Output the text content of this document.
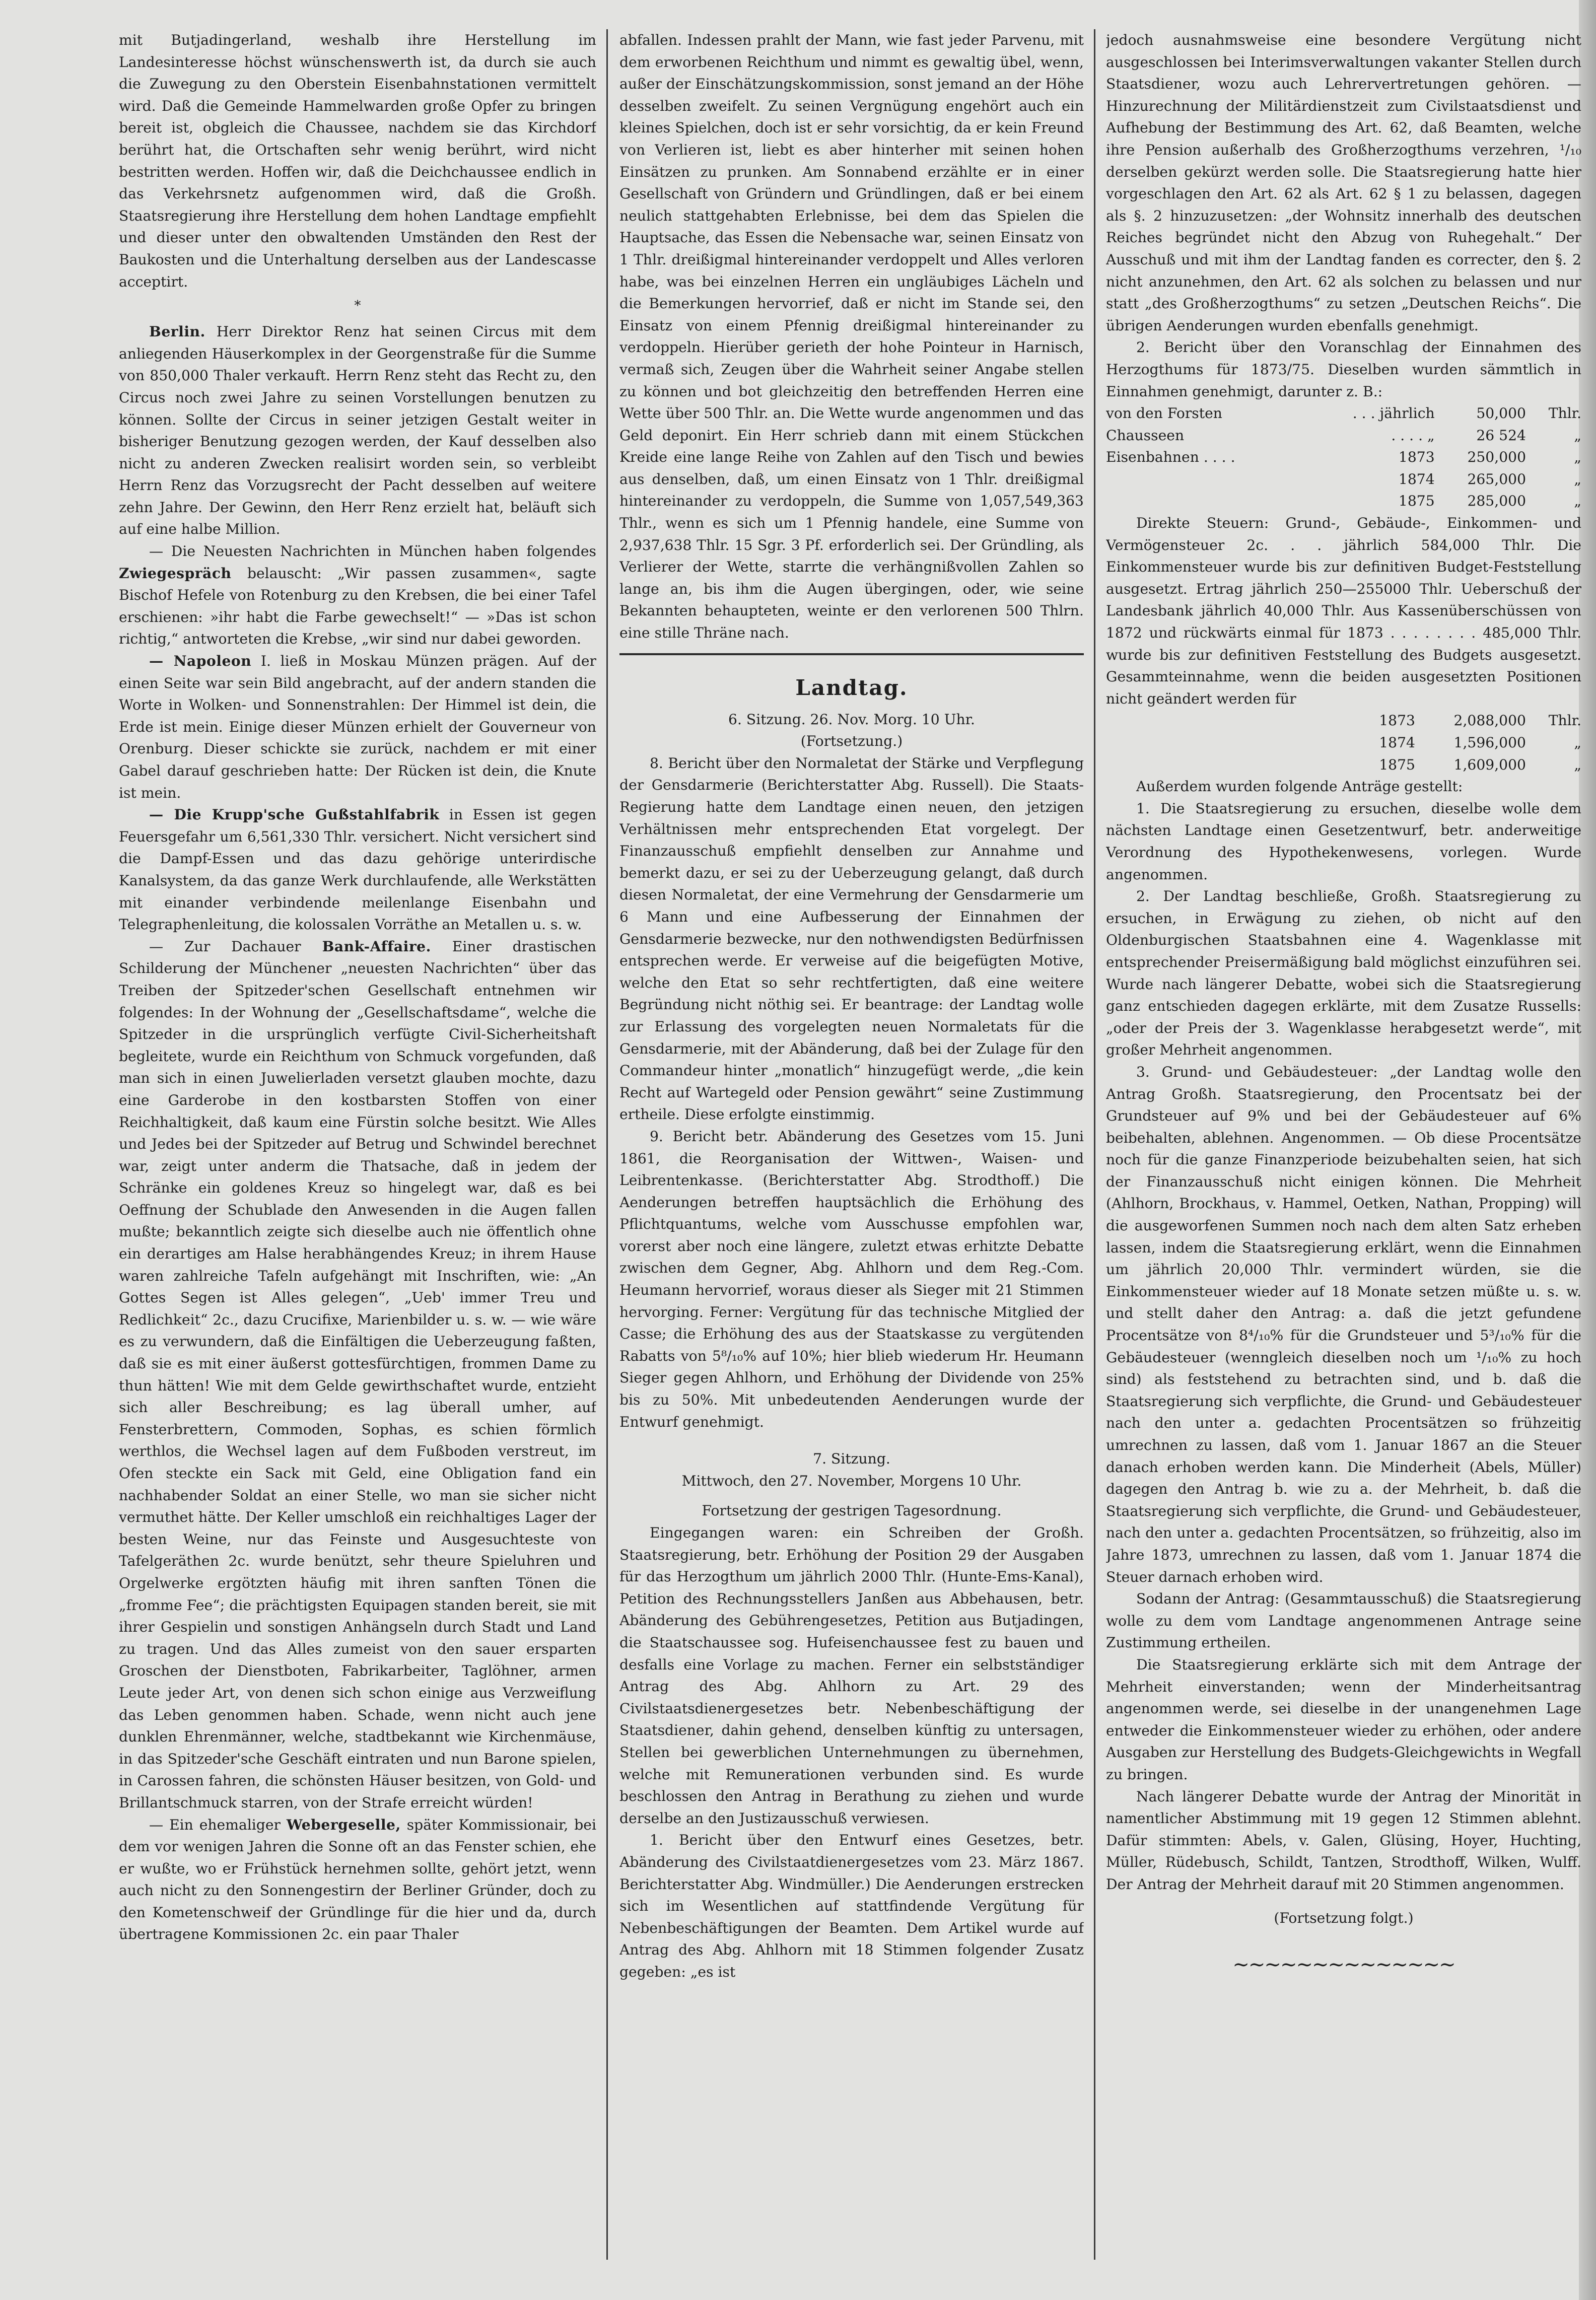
mit Butjadingerland, weshalb ihre Herstellung im Landesinteresse höchst wünschenswerth ist, da durch sie auch die Zuwegung zu den Oberstein Eisenbahnstationen vermittelt wird. Daß die Gemeinde Hammelwarden große Opfer zu bringen bereit ist, obgleich die Chaussee, nachdem sie das Kirchdorf berührt hat, die Ortschaften sehr wenig berührt, wird nicht bestritten werden. Hoffen wir, daß die Deichchaussee endlich in das Verkehrsnetz aufgenommen wird, daß die Großh. Staatsregierung ihre Herstellung dem hohen Landtage empfiehlt und dieser unter den obwaltenden Umständen den Rest der Baukosten und die Unterhaltung derselben aus der Landescasse acceptirt.

*

Berlin. Herr Direktor Renz hat seinen Circus mit dem anliegenden Häuserkomplex in der Georgenstraße für die Summe von 850,000 Thaler verkauft. Herrn Renz steht das Recht zu, den Circus noch zwei Jahre zu seinen Vorstellungen benutzen zu können. Sollte der Circus in seiner jetzigen Gestalt weiter in bisheriger Benutzung gezogen werden, der Kauf desselben also nicht zu anderen Zwecken realisirt worden sein, so verbleibt Herrn Renz das Vorzugsrecht der Pacht desselben auf weitere zehn Jahre. Der Gewinn, den Herr Renz erzielt hat, beläuft sich auf eine halbe Million.

— Die Neuesten Nachrichten in München haben folgendes Zwiegespräch belauscht: „Wir passen zusammen«, sagte Bischof Hefele von Rotenburg zu den Krebsen, die bei einer Tafel erschienen: »ihr habt die Farbe gewechselt!“ — »Das ist schon richtig,“ antworteten die Krebse, „wir sind nur dabei geworden.

— Napoleon I. ließ in Moskau Münzen prägen. Auf der einen Seite war sein Bild angebracht, auf der andern standen die Worte in Wolken- und Sonnenstrahlen: Der Himmel ist dein, die Erde ist mein. Einige dieser Münzen erhielt der Gouverneur von Orenburg. Dieser schickte sie zurück, nachdem er mit einer Gabel darauf geschrieben hatte: Der Rücken ist dein, die Knute ist mein.

— Die Krupp'sche Gußstahlfabrik in Essen ist gegen Feuersgefahr um 6,561,330 Thlr. versichert. Nicht versichert sind die Dampf-Essen und das dazu gehörige unterirdische Kanalsystem, da das ganze Werk durchlaufende, alle Werkstätten mit einander verbindende meilenlange Eisenbahn und Telegraphenleitung, die kolossalen Vorräthe an Metallen u. s. w.

— Zur Dachauer Bank-Affaire. Einer drastischen Schilderung der Münchener „neuesten Nachrichten“ über das Treiben der Spitzeder'schen Gesellschaft entnehmen wir folgendes: In der Wohnung der „Gesellschaftsdame“, welche die Spitzeder in die ursprünglich verfügte Civil-Sicherheitshaft begleitete, wurde ein Reichthum von Schmuck vorgefunden, daß man sich in einen Juwelierladen versetzt glauben mochte, dazu eine Garderobe in den kostbarsten Stoffen von einer Reichhaltigkeit, daß kaum eine Fürstin solche besitzt. Wie Alles und Jedes bei der Spitzeder auf Betrug und Schwindel berechnet war, zeigt unter anderm die Thatsache, daß in jedem der Schränke ein goldenes Kreuz so hingelegt war, daß es bei Oeffnung der Schublade den Anwesenden in die Augen fallen mußte; bekanntlich zeigte sich dieselbe auch nie öffentlich ohne ein derartiges am Halse herabhängendes Kreuz; in ihrem Hause waren zahlreiche Tafeln aufgehängt mit Inschriften, wie: „An Gottes Segen ist Alles gelegen“, „Ueb' immer Treu und Redlichkeit“ 2c., dazu Crucifixe, Marienbilder u. s. w. — wie wäre es zu verwundern, daß die Einfältigen die Ueberzeugung faßten, daß sie es mit einer äußerst gottesfürchtigen, frommen Dame zu thun hätten! Wie mit dem Gelde gewirthschaftet wurde, entzieht sich aller Beschreibung; es lag überall umher, auf Fensterbrettern, Commoden, Sophas, es schien förmlich werthlos, die Wechsel lagen auf dem Fußboden verstreut, im Ofen steckte ein Sack mit Geld, eine Obligation fand ein nachhabender Soldat an einer Stelle, wo man sie sicher nicht vermuthet hätte. Der Keller umschloß ein reichhaltiges Lager der besten Weine, nur das Feinste und Ausgesuchteste von Tafelgeräthen 2c. wurde benützt, sehr theure Spieluhren und Orgelwerke ergötzten häufig mit ihren sanften Tönen die „fromme Fee“; die prächtigsten Equipagen standen bereit, sie mit ihrer Gespielin und sonstigen Anhängseln durch Stadt und Land zu tragen. Und das Alles zumeist von den sauer ersparten Groschen der Dienstboten, Fabrikarbeiter, Taglöhner, armen Leute jeder Art, von denen sich schon einige aus Verzweiflung das Leben genommen haben. Schade, wenn nicht auch jene dunklen Ehrenmänner, welche, stadtbekannt wie Kirchenmäuse, in das Spitzeder'sche Geschäft eintraten und nun Barone spielen, in Carossen fahren, die schönsten Häuser besitzen, von Gold- und Brillantschmuck starren, von der Strafe erreicht würden!

— Ein ehemaliger Webergeselle, später Kommissionair, bei dem vor wenigen Jahren die Sonne oft an das Fenster schien, ehe er wußte, wo er Frühstück hernehmen sollte, gehört jetzt, wenn auch nicht zu den Sonnengestirn der Berliner Gründer, doch zu den Kometenschweif der Gründlinge für die hier und da, durch übertragene Kommissionen 2c. ein paar Thaler

abfallen. Indessen prahlt der Mann, wie fast jeder Parvenu, mit dem erworbenen Reichthum und nimmt es gewaltig übel, wenn, außer der Einschätzungskommission, sonst jemand an der Höhe desselben zweifelt. Zu seinen Vergnügung engehört auch ein kleines Spielchen, doch ist er sehr vorsichtig, da er kein Freund von Verlieren ist, liebt es aber hinterher mit seinen hohen Einsätzen zu prunken. Am Sonnabend erzählte er in einer Gesellschaft von Gründern und Gründlingen, daß er bei einem neulich stattgehabten Erlebnisse, bei dem das Spielen die Hauptsache, das Essen die Nebensache war, seinen Einsatz von 1 Thlr. dreißigmal hintereinander verdoppelt und Alles verloren habe, was bei einzelnen Herren ein ungläubiges Lächeln und die Bemerkungen hervorrief, daß er nicht im Stande sei, den Einsatz von einem Pfennig dreißigmal hintereinander zu verdoppeln. Hierüber gerieth der hohe Pointeur in Harnisch, vermaß sich, Zeugen über die Wahrheit seiner Angabe stellen zu können und bot gleichzeitig den betreffenden Herren eine Wette über 500 Thlr. an. Die Wette wurde angenommen und das Geld deponirt. Ein Herr schrieb dann mit einem Stückchen Kreide eine lange Reihe von Zahlen auf den Tisch und bewies aus denselben, daß, um einen Einsatz von 1 Thlr. dreißigmal hintereinander zu verdoppeln, die Summe von 1,057,549,363 Thlr., wenn es sich um 1 Pfennig handele, eine Summe von 2,937,638 Thlr. 15 Sgr. 3 Pf. erforderlich sei. Der Gründling, als Verlierer der Wette, starrte die verhängnißvollen Zahlen so lange an, bis ihm die Augen übergingen, oder, wie seine Bekannten behaupteten, weinte er den verlorenen 500 Thlrn. eine stille Thräne nach.

Landtag.
6. Sitzung. 26. Nov. Morg. 10 Uhr.
(Fortsetzung.)

8. Bericht über den Normaletat der Stärke und Verpflegung der Gensdarmerie (Berichterstatter Abg. Russell). Die Staats-Regierung hatte dem Landtage einen neuen, den jetzigen Verhältnissen mehr entsprechenden Etat vorgelegt. Der Finanzausschuß empfiehlt denselben zur Annahme und bemerkt dazu, er sei zu der Ueberzeugung gelangt, daß durch diesen Normaletat, der eine Vermehrung der Gensdarmerie um 6 Mann und eine Aufbesserung der Einnahmen der Gensdarmerie bezwecke, nur den nothwendigsten Bedürfnissen entsprechen werde. Er verweise auf die beigefügten Motive, welche den Etat so sehr rechtfertigten, daß eine weitere Begründung nicht nöthig sei. Er beantrage: der Landtag wolle zur Erlassung des vorgelegten neuen Normaletats für die Gensdarmerie, mit der Abänderung, daß bei der Zulage für den Commandeur hinter „monatlich“ hinzugefügt werde, „die kein Recht auf Wartegeld oder Pension gewährt“ seine Zustimmung ertheile. Diese erfolgte einstimmig.

9. Bericht betr. Abänderung des Gesetzes vom 15. Juni 1861, die Reorganisation der Wittwen-, Waisen- und Leibrentenkasse. (Berichterstatter Abg. Strodthoff.) Die Aenderungen betreffen hauptsächlich die Erhöhung des Pflichtquantums, welche vom Ausschusse empfohlen war, vorerst aber noch eine längere, zuletzt etwas erhitzte Debatte zwischen dem Gegner, Abg. Ahlhorn und dem Reg.-Com. Heumann hervorrief, woraus dieser als Sieger mit 21 Stimmen hervorging. Ferner: Vergütung für das technische Mitglied der Casse; die Erhöhung des aus der Staatskasse zu vergütenden Rabatts von 5⁸/₁₀% auf 10%; hier blieb wiederum Hr. Heumann Sieger gegen Ahlhorn, und Erhöhung der Dividende von 25% bis zu 50%. Mit unbedeutenden Aenderungen wurde der Entwurf genehmigt.

7. Sitzung.
Mittwoch, den 27. November, Morgens 10 Uhr.
Fortsetzung der gestrigen Tagesordnung.

Eingegangen waren: ein Schreiben der Großh. Staatsregierung, betr. Erhöhung der Position 29 der Ausgaben für das Herzogthum um jährlich 2000 Thlr. (Hunte-Ems-Kanal), Petition des Rechnungsstellers Janßen aus Abbehausen, betr. Abänderung des Gebührengesetzes, Petition aus Butjadingen, die Staatschaussee sog. Hufeisenchaussee fest zu bauen und desfalls eine Vorlage zu machen. Ferner ein selbstständiger Antrag des Abg. Ahlhorn zu Art. 29 des Civilstaatsdienergesetzes betr. Nebenbeschäftigung der Staatsdiener, dahin gehend, denselben künftig zu untersagen, Stellen bei gewerblichen Unternehmungen zu übernehmen, welche mit Remunerationen verbunden sind. Es wurde beschlossen den Antrag in Berathung zu ziehen und wurde derselbe an den Justizausschuß verwiesen.

1. Bericht über den Entwurf eines Gesetzes, betr. Abänderung des Civilstaatdienergesetzes vom 23. März 1867. Berichterstatter Abg. Windmüller.) Die Aenderungen erstrecken sich im Wesentlichen auf stattfindende Vergütung für Nebenbeschäftigungen der Beamten. Dem Artikel wurde auf Antrag des Abg. Ahlhorn mit 18 Stimmen folgender Zusatz gegeben: „es ist

jedoch ausnahmsweise eine besondere Vergütung nicht ausgeschlossen bei Interimsverwaltungen vakanter Stellen durch Staatsdiener, wozu auch Lehrervertretungen gehören. — Hinzurechnung der Militärdienstzeit zum Civilstaatsdienst und Aufhebung der Bestimmung des Art. 62, daß Beamten, welche ihre Pension außerhalb des Großherzogthums verzehren, ¹/₁₀ derselben gekürzt werden solle. Die Staatsregierung hatte hier vorgeschlagen den Art. 62 als Art. 62 § 1 zu belassen, dagegen als §. 2 hinzuzusetzen: „der Wohnsitz innerhalb des deutschen Reiches begründet nicht den Abzug von Ruhegehalt.“ Der Ausschuß und mit ihm der Landtag fanden es correcter, den §. 2 nicht anzunehmen, den Art. 62 als solchen zu belassen und nur statt „des Großherzogthums“ zu setzen „Deutschen Reichs“. Die übrigen Aenderungen wurden ebenfalls genehmigt.

2. Bericht über den Voranschlag der Einnahmen des Herzogthums für 1873/75. Dieselben wurden sämmtlich in Einnahmen genehmigt, darunter z. B.:

von den Forsten	. . . jährlich	50,000	Thlr.
Chausseen	. . . . „	26 524	„
Eisenbahnen . . . .	1873	250,000	„
	1874	265,000	„
	1875	285,000	„

Direkte Steuern: Grund-, Gebäude-, Einkommen- und Vermögensteuer 2c. . . jährlich 584,000 Thlr. Die Einkommensteuer wurde bis zur definitiven Budget-Feststellung ausgesetzt. Ertrag jährlich 250—255000 Thlr. Ueberschuß der Landesbank jährlich 40,000 Thlr. Aus Kassenüberschüssen von 1872 und rückwärts einmal für 1873 . . . . . . . . 485,000 Thlr. wurde bis zur definitiven Feststellung des Budgets ausgesetzt. Gesammteinnahme, wenn die beiden ausgesetzten Positionen nicht geändert werden für

1873	2,088,000	Thlr.
1874	1,596,000	„
1875	1,609,000	„

Außerdem wurden folgende Anträge gestellt:

1. Die Staatsregierung zu ersuchen, dieselbe wolle dem nächsten Landtage einen Gesetzentwurf, betr. anderweitige Verordnung des Hypothekenwesens, vorlegen. Wurde angenommen.

2. Der Landtag beschließe, Großh. Staatsregierung zu ersuchen, in Erwägung zu ziehen, ob nicht auf den Oldenburgischen Staatsbahnen eine 4. Wagenklasse mit entsprechender Preisermäßigung bald möglichst einzuführen sei. Wurde nach längerer Debatte, wobei sich die Staatsregierung ganz entschieden dagegen erklärte, mit dem Zusatze Russells: „oder der Preis der 3. Wagenklasse herabgesetzt werde“, mit großer Mehrheit angenommen.

3. Grund- und Gebäudesteuer: „der Landtag wolle den Antrag Großh. Staatsregierung, den Procentsatz bei der Grundsteuer auf 9% und bei der Gebäudesteuer auf 6% beibehalten, ablehnen. Angenommen. — Ob diese Procentsätze noch für die ganze Finanzperiode beizubehalten seien, hat sich der Finanzausschuß nicht einigen können. Die Mehrheit (Ahlhorn, Brockhaus, v. Hammel, Oetken, Nathan, Propping) will die ausgeworfenen Summen noch nach dem alten Satz erheben lassen, indem die Staatsregierung erklärt, wenn die Einnahmen um jährlich 20,000 Thlr. vermindert würden, sie die Einkommensteuer wieder auf 18 Monate setzen müßte u. s. w. und stellt daher den Antrag: a. daß die jetzt gefundene Procentsätze von 8⁴/₁₀% für die Grundsteuer und 5³/₁₀% für die Gebäudesteuer (wenngleich dieselben noch um ¹/₁₀% zu hoch sind) als feststehend zu betrachten sind, und b. daß die Staatsregierung sich verpflichte, die Grund- und Gebäudesteuer nach den unter a. gedachten Procentsätzen so frühzeitig umrechnen zu lassen, daß vom 1. Januar 1867 an die Steuer danach erhoben werden kann. Die Minderheit (Abels, Müller) dagegen den Antrag b. wie zu a. der Mehrheit, b. daß die Staatsregierung sich verpflichte, die Grund- und Gebäudesteuer, nach den unter a. gedachten Procentsätzen, so frühzeitig, also im Jahre 1873, umrechnen zu lassen, daß vom 1. Januar 1874 die Steuer darnach erhoben wird.

Sodann der Antrag: (Gesammtausschuß) die Staatsregierung wolle zu dem vom Landtage angenommenen Antrage seine Zustimmung ertheilen.

Die Staatsregierung erklärte sich mit dem Antrage der Mehrheit einverstanden; wenn der Minderheitsantrag angenommen werde, sei dieselbe in der unangenehmen Lage entweder die Einkommensteuer wieder zu erhöhen, oder andere Ausgaben zur Herstellung des Budgets-Gleichgewichts in Wegfall zu bringen.

Nach längerer Debatte wurde der Antrag der Minorität in namentlicher Abstimmung mit 19 gegen 12 Stimmen ablehnt. Dafür stimmten: Abels, v. Galen, Glüsing, Hoyer, Huchting, Müller, Rüdebusch, Schildt, Tantzen, Strodthoff, Wilken, Wulff. Der Antrag der Mehrheit darauf mit 20 Stimmen angenommen.

(Fortsetzung folgt.)
~~~~~~~~~~~~~~
